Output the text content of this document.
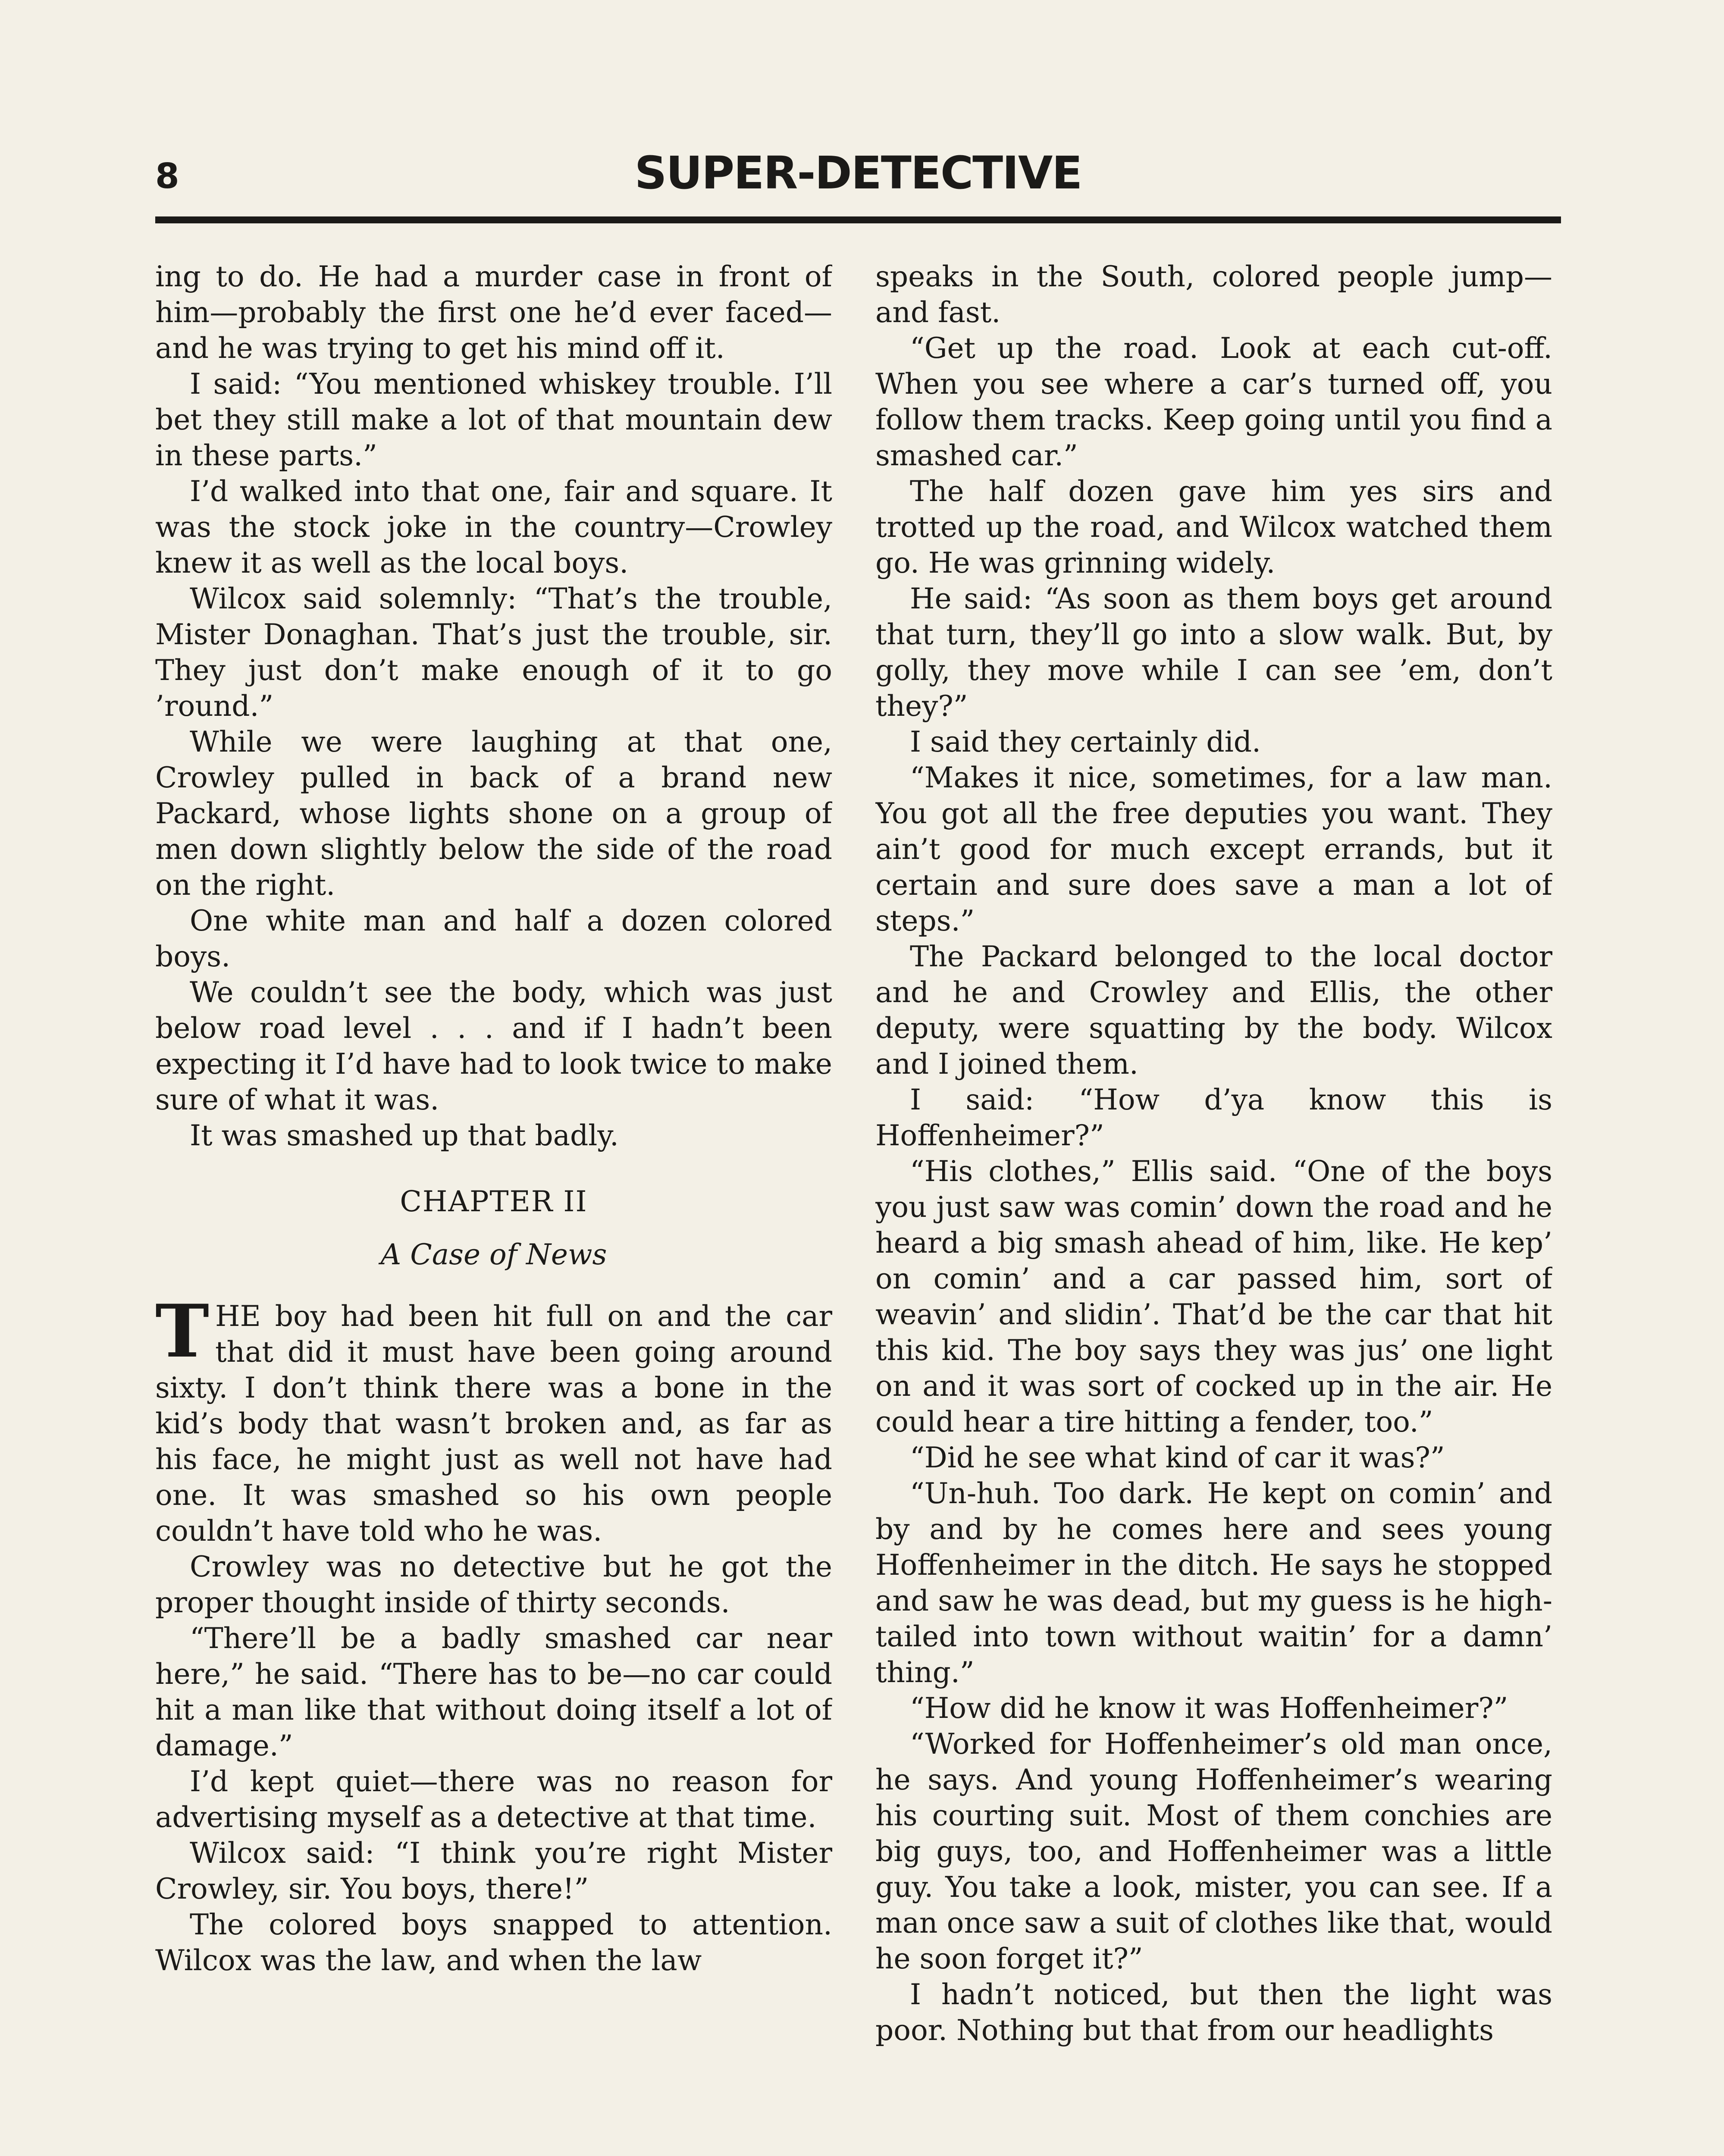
8	SUPER-DETECTIVE

ing to do. He had a murder case in front of him—probably the first one he’d ever faced—and he was trying to get his mind off it.

I said: “You mentioned whiskey trouble. I’ll bet they still make a lot of that mountain dew in these parts.”

I’d walked into that one, fair and square. It was the stock joke in the country—Crowley knew it as well as the local boys.

Wilcox said solemnly: “That’s the trouble, Mister Donaghan. That’s just the trouble, sir. They just don’t make enough of it to go ’round.”

While we were laughing at that one, Crowley pulled in back of a brand new Packard, whose lights shone on a group of men down slightly below the side of the road on the right.

One white man and half a dozen colored boys.

We couldn’t see the body, which was just below road level . . . and if I hadn’t been expecting it I’d have had to look twice to make sure of what it was.

It was smashed up that badly.

CHAPTER II
A Case of News

THE boy had been hit full on and the car that did it must have been going around sixty. I don’t think there was a bone in the kid’s body that wasn’t broken and, as far as his face, he might just as well not have had one. It was smashed so his own people couldn’t have told who he was.

Crowley was no detective but he got the proper thought inside of thirty seconds.

“There’ll be a badly smashed car near here,” he said. “There has to be—no car could hit a man like that without doing itself a lot of damage.”

I’d kept quiet—there was no reason for advertising myself as a detective at that time.

Wilcox said: “I think you’re right Mister Crowley, sir. You boys, there!”

The colored boys snapped to attention. Wilcox was the law, and when the law

speaks in the South, colored people jump—and fast.

“Get up the road. Look at each cut-off. When you see where a car’s turned off, you follow them tracks. Keep going until you find a smashed car.”

The half dozen gave him yes sirs and trotted up the road, and Wilcox watched them go. He was grinning widely.

He said: “As soon as them boys get around that turn, they’ll go into a slow walk. But, by golly, they move while I can see ’em, don’t they?”

I said they certainly did.

“Makes it nice, sometimes, for a law man. You got all the free deputies you want. They ain’t good for much except errands, but it certain and sure does save a man a lot of steps.”

The Packard belonged to the local doctor and he and Crowley and Ellis, the other deputy, were squatting by the body. Wilcox and I joined them.

I said: “How d’ya know this is Hoffenheimer?”

“His clothes,” Ellis said. “One of the boys you just saw was comin’ down the road and he heard a big smash ahead of him, like. He kep’ on comin’ and a car passed him, sort of weavin’ and slidin’. That’d be the car that hit this kid. The boy says they was jus’ one light on and it was sort of cocked up in the air. He could hear a tire hitting a fender, too.”

“Did he see what kind of car it was?”

“Un-huh. Too dark. He kept on comin’ and by and by he comes here and sees young Hoffenheimer in the ditch. He says he stopped and saw he was dead, but my guess is he high-tailed into town without waitin’ for a damn’ thing.”

“How did he know it was Hoffenheimer?”

“Worked for Hoffenheimer’s old man once, he says. And young Hoffenheimer’s wearing his courting suit. Most of them conchies are big guys, too, and Hoffenheimer was a little guy. You take a look, mister, you can see. If a man once saw a suit of clothes like that, would he soon forget it?”

I hadn’t noticed, but then the light was poor. Nothing but that from our headlights
